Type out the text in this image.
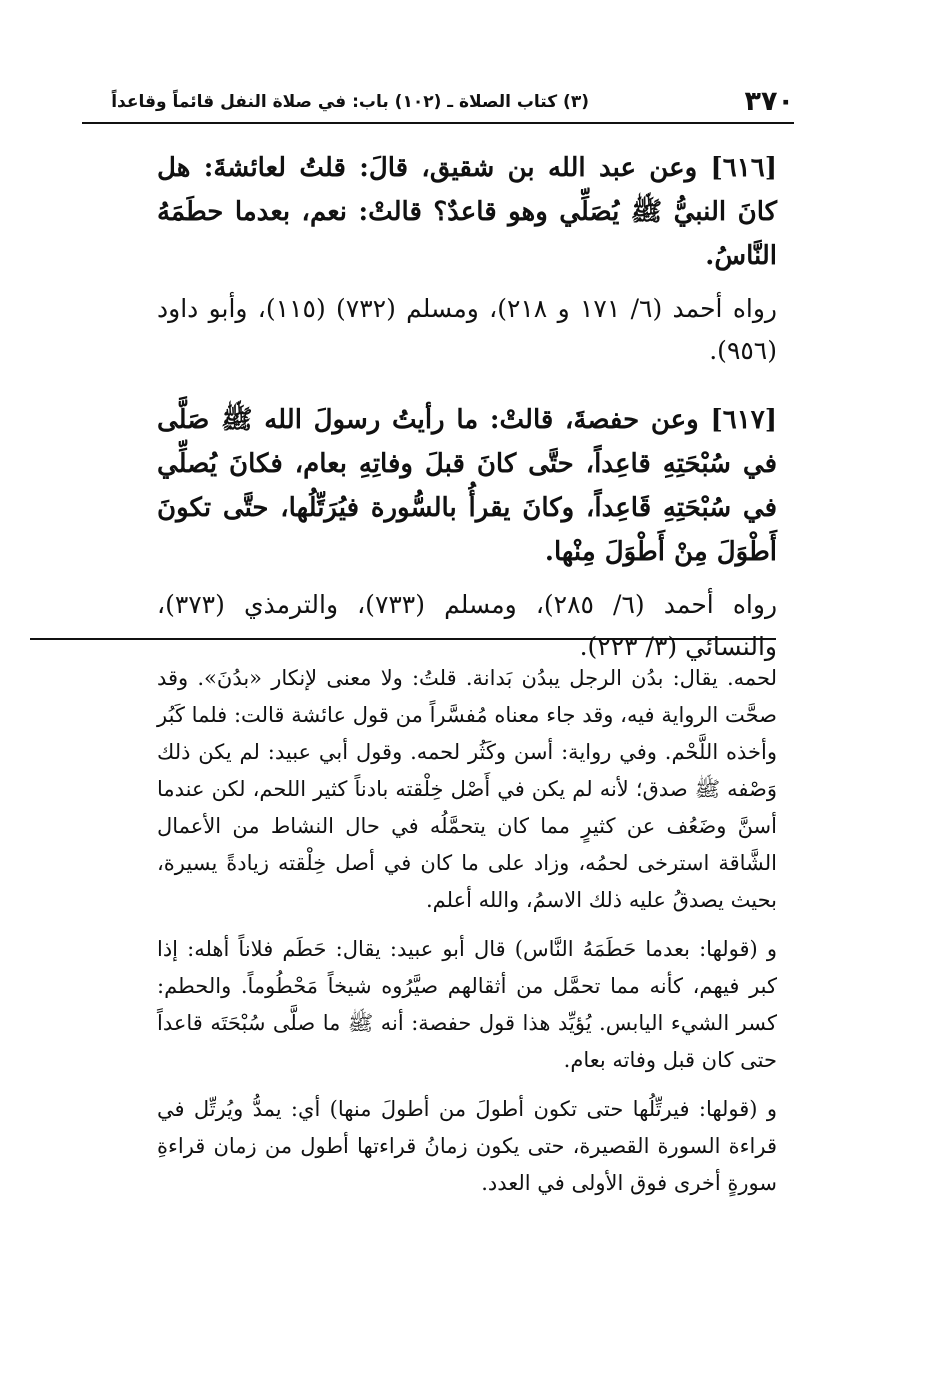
٣٧٠
(٣) كتاب الصلاة ـ (١٠٢) باب: في صلاة النفل قائماً وقاعداً

[٦١٦] وعن عبد الله بن شقيق، قالَ: قلتُ لعائشةَ: هل كانَ النبيُّ ﷺ يُصَلِّي وهو قاعدٌ؟ قالتْ: نعم، بعدما حطَمَهُ النَّاسُ.

رواه أحمد (٦/ ١٧١ و ٢١٨)، ومسلم (٧٣٢) (١١٥)، وأبو داود (٩٥٦).

[٦١٧] وعن حفصةَ، قالتْ: ما رأيتُ رسولَ الله ﷺ صَلَّى في سُبْحَتِهِ قاعِداً، حتَّى كانَ قبلَ وفاتِهِ بعام، فكانَ يُصلِّي في سُبْحَتِهِ قَاعِداً، وكانَ يقرأُ بالسُّورة فيُرَتِّلُها، حتَّى تكونَ أَطْوَلَ مِنْ أَطْوَلَ مِنْها.

رواه أحمد (٦/ ٢٨٥)، ومسلم (٧٣٣)، والترمذي (٣٧٣)، والنسائي (٣/ ٢٢٣).

لحمه. يقال: بدُن الرجل يبدُن بَدانة. قلتُ: ولا معنى لإنكار «بدُنَ». وقد صحَّت الرواية فيه، وقد جاء معناه مُفسَّراً من قول عائشة قالت: فلما كَبُر وأخذه اللَّحْم. وفي رواية: أسن وكَثُر لحمه. وقول أبي عبيد: لم يكن ذلك وَصْفه ﷺ صدق؛ لأنه لم يكن في أَصْل خِلْقته بادناً كثير اللحم، لكن عندما أسنَّ وضَعُف عن كثيرٍ مما كان يتحمَّلُه في حال النشاط من الأعمال الشَّاقة استرخى لحمُه، وزاد على ما كان في أصل خِلْقته زيادةً يسيرة، بحيث يصدقُ عليه ذلك الاسمُ، والله أعلم.

و (قولها: بعدما حَطَمَهُ النَّاس) قال أبو عبيد: يقال: حَطَم فلاناً أهله: إذا كبر فيهم، كأنه مما تحمَّل من أثقالهم صيَّرُوه شيخاً مَحْطُوماً. والحطم: كسر الشيء اليابس. يُؤيِّد هذا قول حفصة: أنه ﷺ ما صلَّى سُبْحَتَه قاعداً حتى كان قبل وفاته بعام.

و (قولها: فيرتِّلُها حتى تكون أطولَ من أطولَ منها) أي: يمدُّ ويُرتِّل في قراءة السورة القصيرة، حتى يكون زمانُ قراءتها أطول من زمان قراءةِ سورةٍ أخرى فوق الأولى في العدد.
